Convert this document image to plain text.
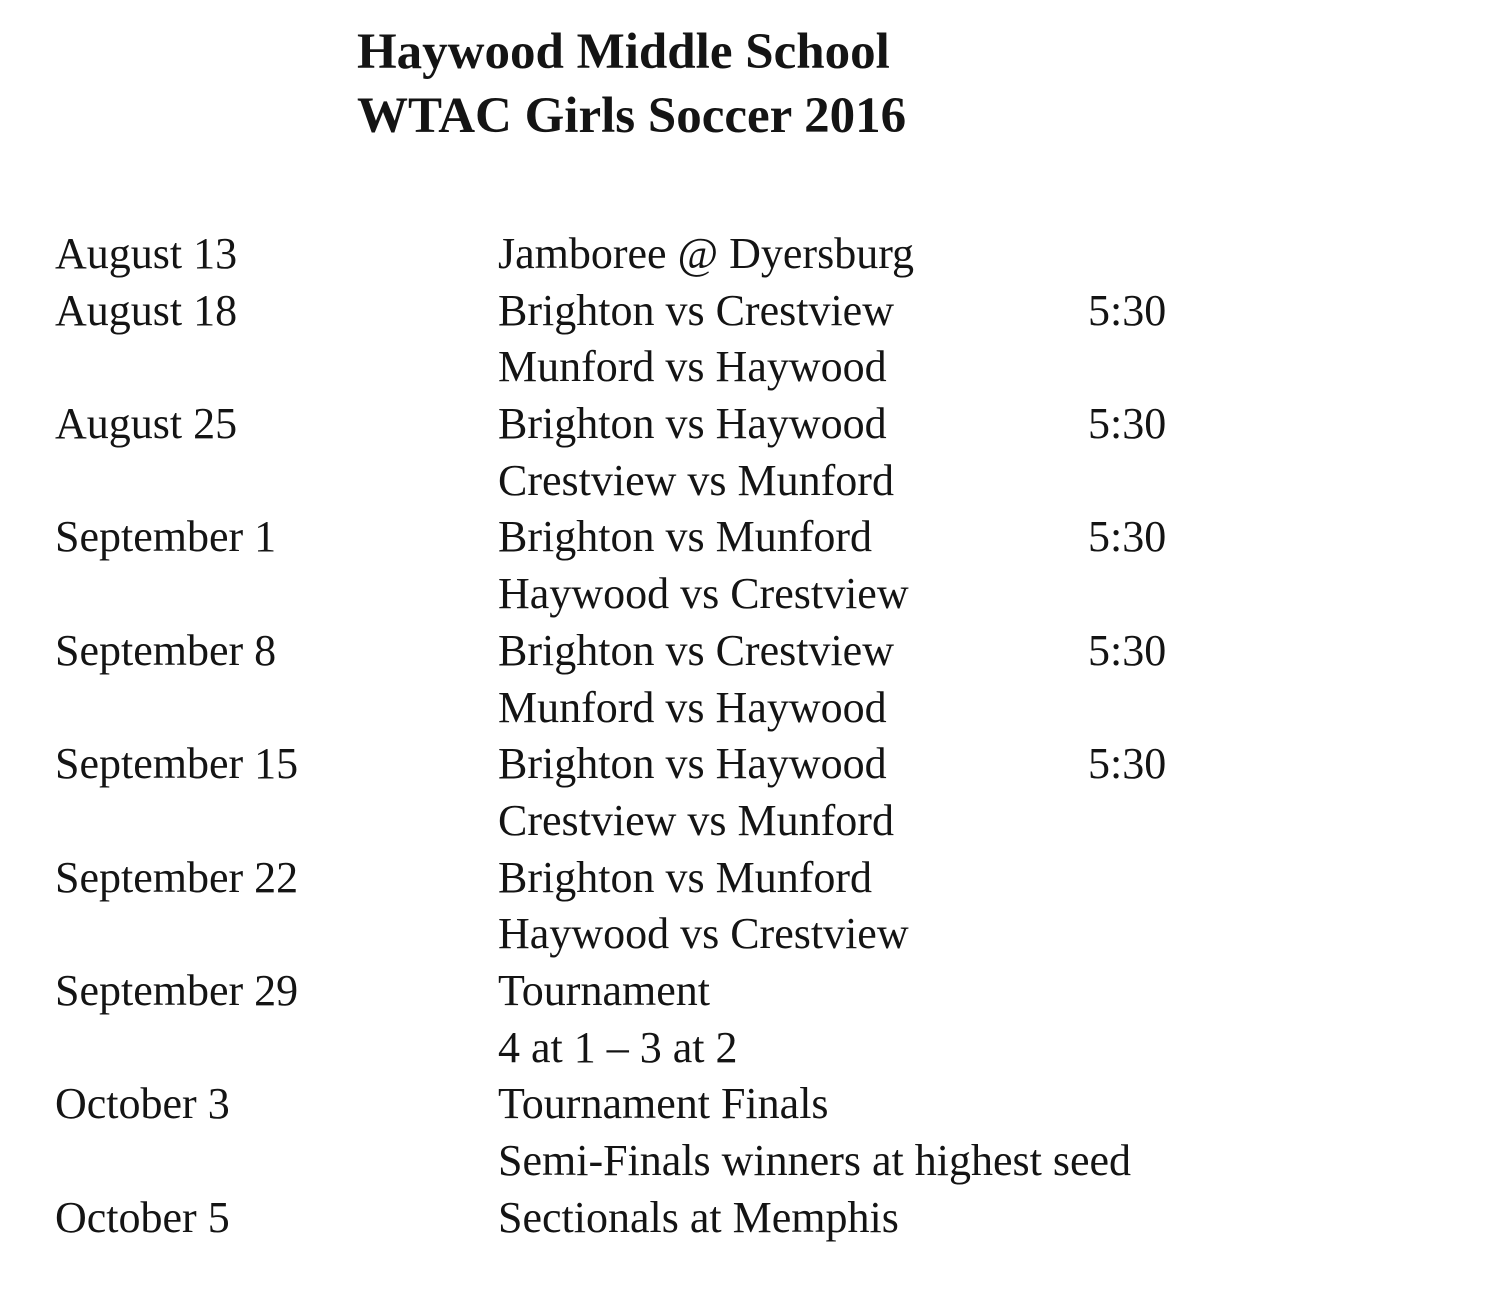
Haywood Middle School
WTAC Girls Soccer 2016
August 13	Jamboree @ Dyersburg
August 18	Brighton vs Crestview	5:30
Munford vs Haywood
August 25	Brighton vs Haywood	5:30
Crestview vs Munford
September 1	Brighton vs Munford	5:30
Haywood vs Crestview
September 8	Brighton vs Crestview	5:30
Munford vs Haywood
September 15	Brighton vs Haywood	5:30
Crestview vs Munford
September 22	Brighton vs Munford
Haywood vs Crestview
September 29	Tournament
4 at 1 – 3 at 2
October 3	Tournament Finals
Semi-Finals winners at highest seed
October 5	Sectionals at Memphis
